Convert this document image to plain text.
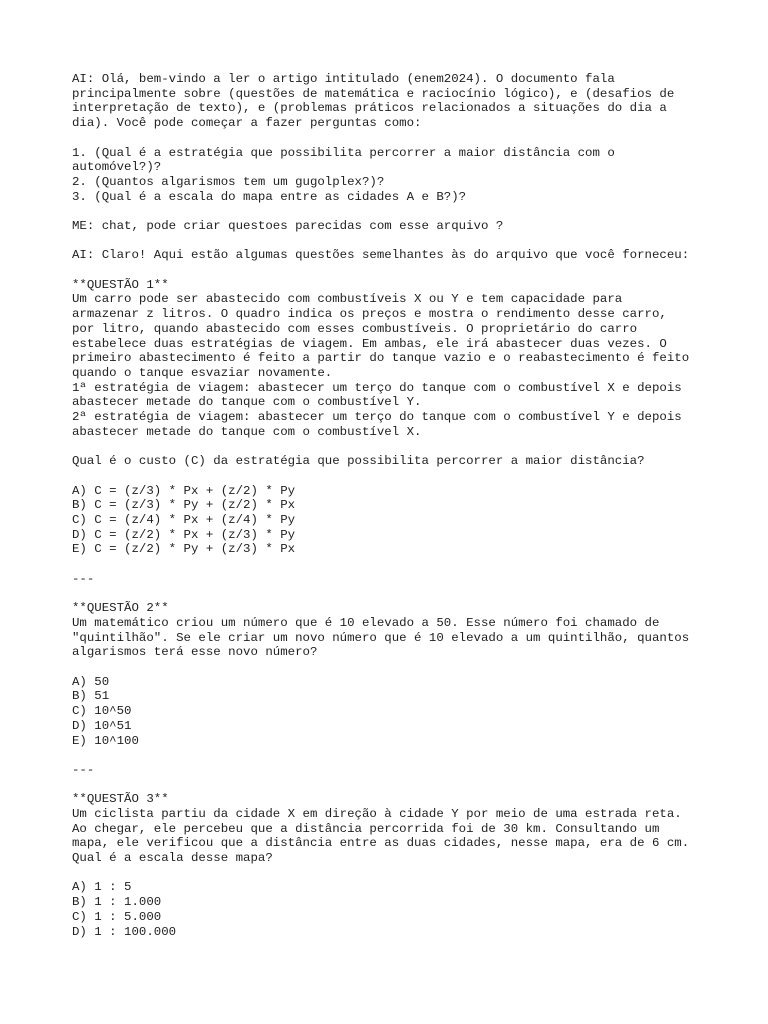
AI: Olá, bem-vindo a ler o artigo intitulado (enem2024). O documento fala
principalmente sobre (questões de matemática e raciocínio lógico), e (desafios de
interpretação de texto), e (problemas práticos relacionados a situações do dia a
dia). Você pode começar a fazer perguntas como:
1. (Qual é a estratégia que possibilita percorrer a maior distância com o
automóvel?)?
2. (Quantos algarismos tem um gugolplex?)?
3. (Qual é a escala do mapa entre as cidades A e B?)?
ME: chat, pode criar questoes parecidas com esse arquivo ?
AI: Claro! Aqui estão algumas questões semelhantes às do arquivo que você forneceu:
**QUESTÃO 1**
Um carro pode ser abastecido com combustíveis X ou Y e tem capacidade para
armazenar z litros. O quadro indica os preços e mostra o rendimento desse carro,
por litro, quando abastecido com esses combustíveis. O proprietário do carro
estabelece duas estratégias de viagem. Em ambas, ele irá abastecer duas vezes. O
primeiro abastecimento é feito a partir do tanque vazio e o reabastecimento é feito
quando o tanque esvaziar novamente.
1ª estratégia de viagem: abastecer um terço do tanque com o combustível X e depois
abastecer metade do tanque com o combustível Y.
2ª estratégia de viagem: abastecer um terço do tanque com o combustível Y e depois
abastecer metade do tanque com o combustível X.
Qual é o custo (C) da estratégia que possibilita percorrer a maior distância?
A) C = (z/3) * Px + (z/2) * Py
B) C = (z/3) * Py + (z/2) * Px
C) C = (z/4) * Px + (z/4) * Py
D) C = (z/2) * Px + (z/3) * Py
E) C = (z/2) * Py + (z/3) * Px
---
**QUESTÃO 2**
Um matemático criou um número que é 10 elevado a 50. Esse número foi chamado de
"quintilhão". Se ele criar um novo número que é 10 elevado a um quintilhão, quantos
algarismos terá esse novo número?
A) 50
B) 51
C) 10^50
D) 10^51
E) 10^100
---
**QUESTÃO 3**
Um ciclista partiu da cidade X em direção à cidade Y por meio de uma estrada reta.
Ao chegar, ele percebeu que a distância percorrida foi de 30 km. Consultando um
mapa, ele verificou que a distância entre as duas cidades, nesse mapa, era de 6 cm.
Qual é a escala desse mapa?
A) 1 : 5
B) 1 : 1.000
C) 1 : 5.000
D) 1 : 100.000
